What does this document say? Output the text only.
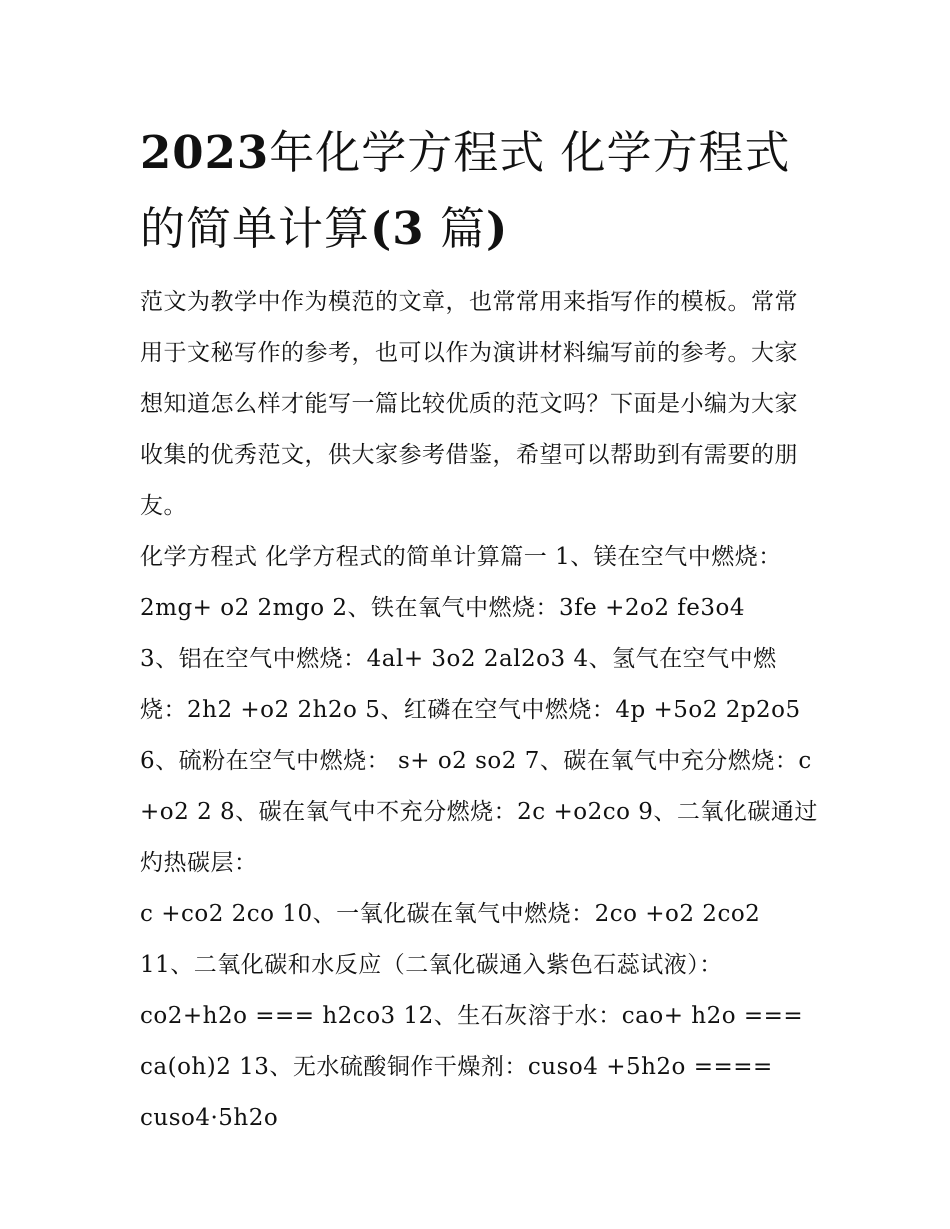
2023年化学方程式 化学方程式的简单计算(3 篇)

范文为教学中作为模范的文章，也常常用来指写作的模板。常常用于文秘写作的参考，也可以作为演讲材料编写前的参考。大家想知道怎么样才能写一篇比较优质的范文吗？下面是小编为大家收集的优秀范文，供大家参考借鉴，希望可以帮助到有需要的朋友。

化学方程式 化学方程式的简单计算篇一 1、镁在空气中燃烧：2mg+ o2 2mgo 2、铁在氧气中燃烧：3fe +2o2 fe3o4

3、铝在空气中燃烧：4al+ 3o2 2al2o3 4、氢气在空气中燃烧：2h2 +o2 2h2o 5、红磷在空气中燃烧：4p +5o2 2p2o5

6、硫粉在空气中燃烧： s+ o2 so2 7、碳在氧气中充分燃烧：c +o2 2 8、碳在氧气中不充分燃烧：2c +o2co 9、二氧化碳通过灼热碳层：

c +co2 2co 10、一氧化碳在氧气中燃烧：2co +o2 2co2 11、二氧化碳和水反应（二氧化碳通入紫色石蕊试液）：co2+h2o === h2co3 12、生石灰溶于水：cao+ h2o === ca(oh)2 13、无水硫酸铜作干燥剂：cuso4 +5h2o ==== cuso4·5h2o
